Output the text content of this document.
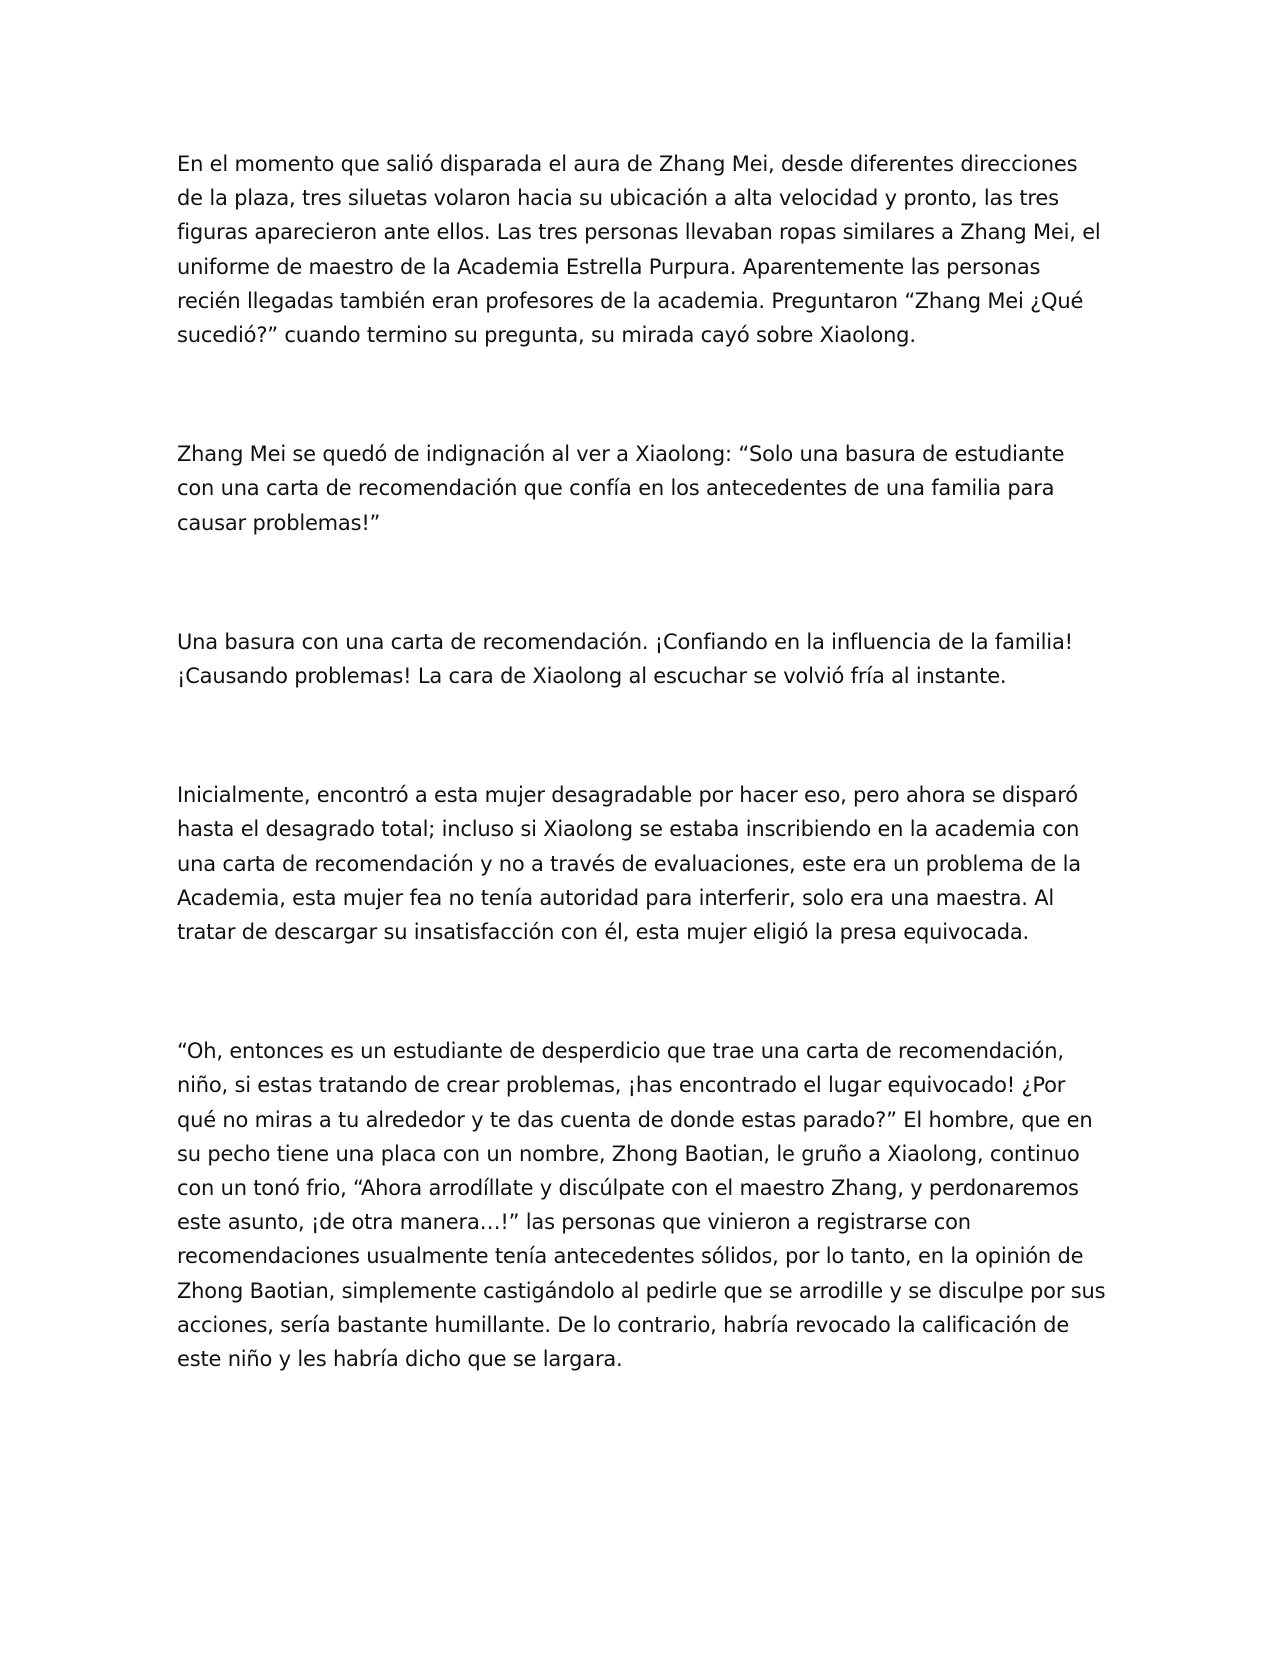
En el momento que salió disparada el aura de Zhang Mei, desde diferentes direcciones de la plaza, tres siluetas volaron hacia su ubicación a alta velocidad y pronto, las tres figuras aparecieron ante ellos. Las tres personas llevaban ropas similares a Zhang Mei, el uniforme de maestro de la Academia Estrella Purpura. Aparentemente las personas recién llegadas también eran profesores de la academia. Preguntaron “Zhang Mei ¿Qué sucedió?” cuando termino su pregunta, su mirada cayó sobre Xiaolong.

Zhang Mei se quedó de indignación al ver a Xiaolong: “Solo una basura de estudiante con una carta de recomendación que confía en los antecedentes de una familia para causar problemas!”

Una basura con una carta de recomendación. ¡Confiando en la influencia de la familia! ¡Causando problemas! La cara de Xiaolong al escuchar se volvió fría al instante.

Inicialmente, encontró a esta mujer desagradable por hacer eso, pero ahora se disparó hasta el desagrado total; incluso si Xiaolong se estaba inscribiendo en la academia con una carta de recomendación y no a través de evaluaciones, este era un problema de la Academia, esta mujer fea no tenía autoridad para interferir, solo era una maestra. Al tratar de descargar su insatisfacción con él, esta mujer eligió la presa equivocada.

“Oh, entonces es un estudiante de desperdicio que trae una carta de recomendación, niño, si estas tratando de crear problemas, ¡has encontrado el lugar equivocado! ¿Por qué no miras a tu alrededor y te das cuenta de donde estas parado?” El hombre, que en su pecho tiene una placa con un nombre, Zhong Baotian, le gruño a Xiaolong, continuo con un tonó frio, “Ahora arrodíllate y discúlpate con el maestro Zhang, y perdonaremos este asunto, ¡de otra manera…!” las personas que vinieron a registrarse con recomendaciones usualmente tenía antecedentes sólidos, por lo tanto, en la opinión de Zhong Baotian, simplemente castigándolo al pedirle que se arrodille y se disculpe por sus acciones, sería bastante humillante. De lo contrario, habría revocado la calificación de este niño y les habría dicho que se largara.
